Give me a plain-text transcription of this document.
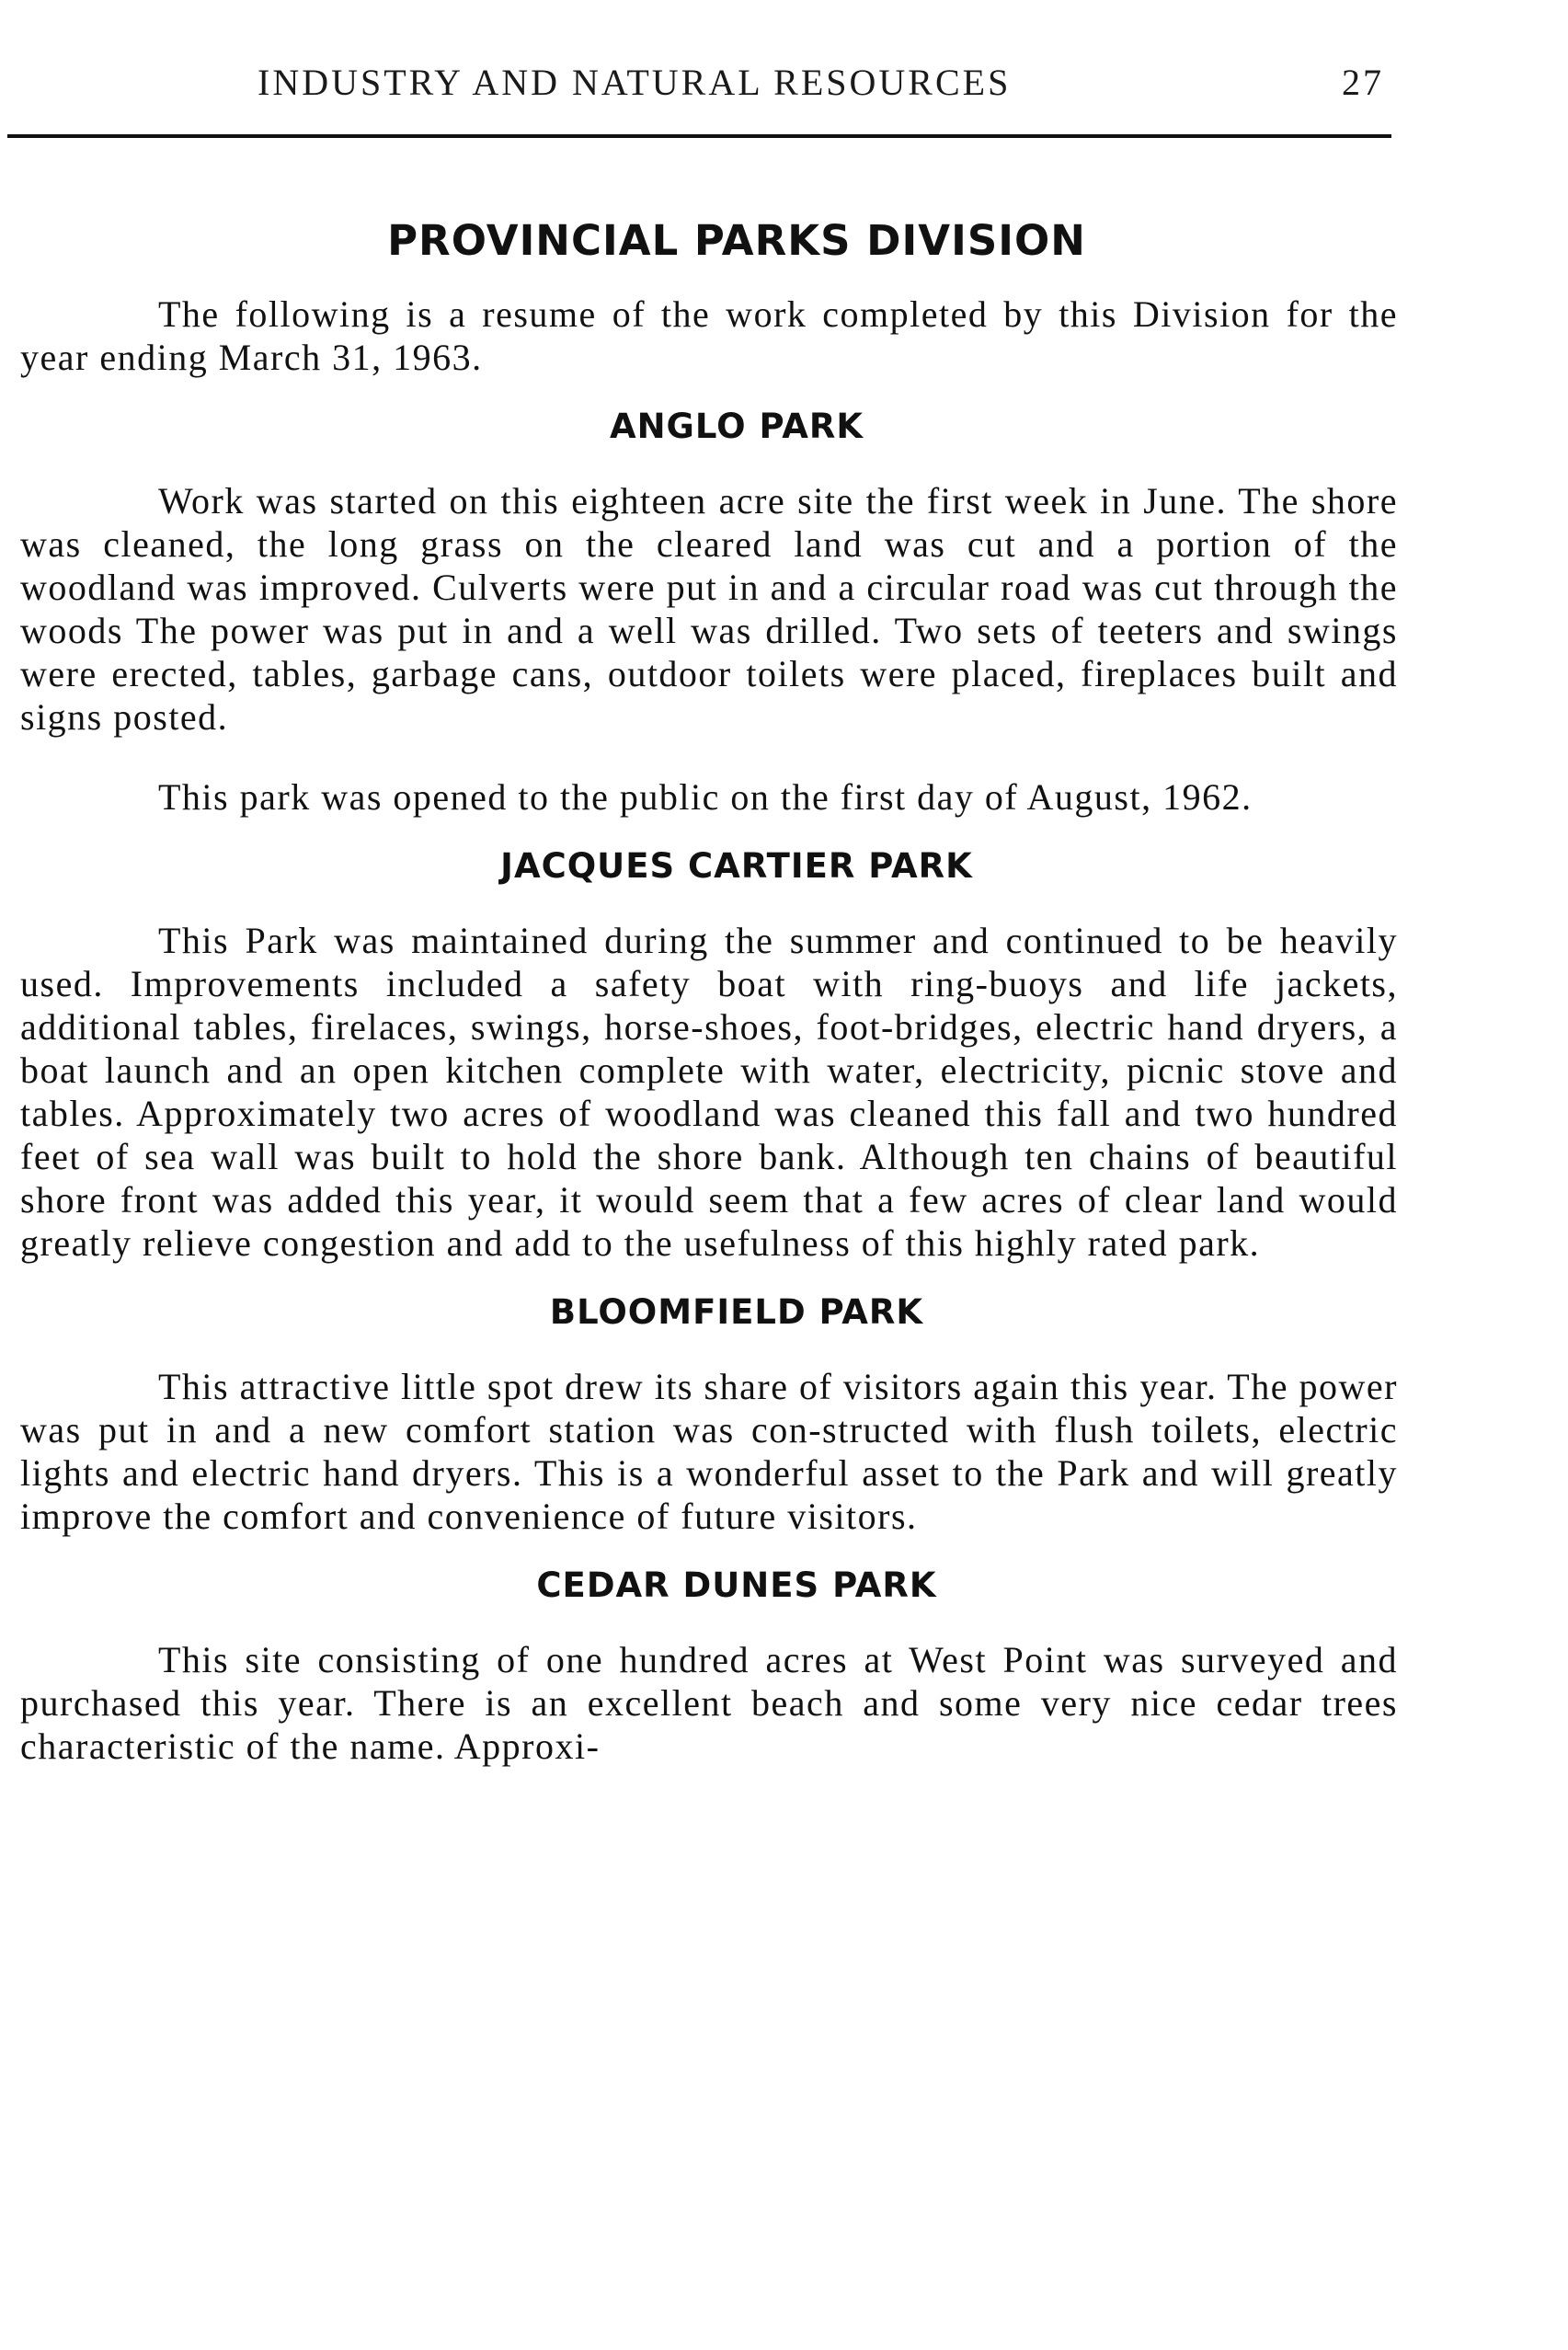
INDUSTRY AND NATURAL RESOURCES	27
PROVINCIAL PARKS DIVISION

The following is a resume of the work completed by this Division for the year ending March 31, 1963.

ANGLO PARK

Work was started on this eighteen acre site the first week in June. The shore was cleaned, the long grass on the cleared land was cut and a portion of the woodland was improved. Culverts were put in and a circular road was cut through the woods The power was put in and a well was drilled. Two sets of teeters and swings were erected, tables, garbage cans, outdoor toilets were placed, fireplaces built and signs posted.

This park was opened to the public on the first day of August, 1962.

JACQUES CARTIER PARK

This Park was maintained during the summer and continued to be heavily used. Improvements included a safety boat with ring-buoys and life jackets, additional tables, firelaces, swings, horse-shoes, foot-bridges, electric hand dryers, a boat launch and an open kitchen complete with water, electricity, picnic stove and tables. Approximately two acres of woodland was cleaned this fall and two hundred feet of sea wall was built to hold the shore bank. Although ten chains of beautiful shore front was added this year, it would seem that a few acres of clear land would greatly relieve congestion and add to the usefulness of this highly rated park.

BLOOMFIELD PARK

This attractive little spot drew its share of visitors again this year. The power was put in and a new comfort station was con-structed with flush toilets, electric lights and electric hand dryers. This is a wonderful asset to the Park and will greatly improve the comfort and convenience of future visitors.

CEDAR DUNES PARK

This site consisting of one hundred acres at West Point was surveyed and purchased this year. There is an excellent beach and some very nice cedar trees characteristic of the name. Approxi-
